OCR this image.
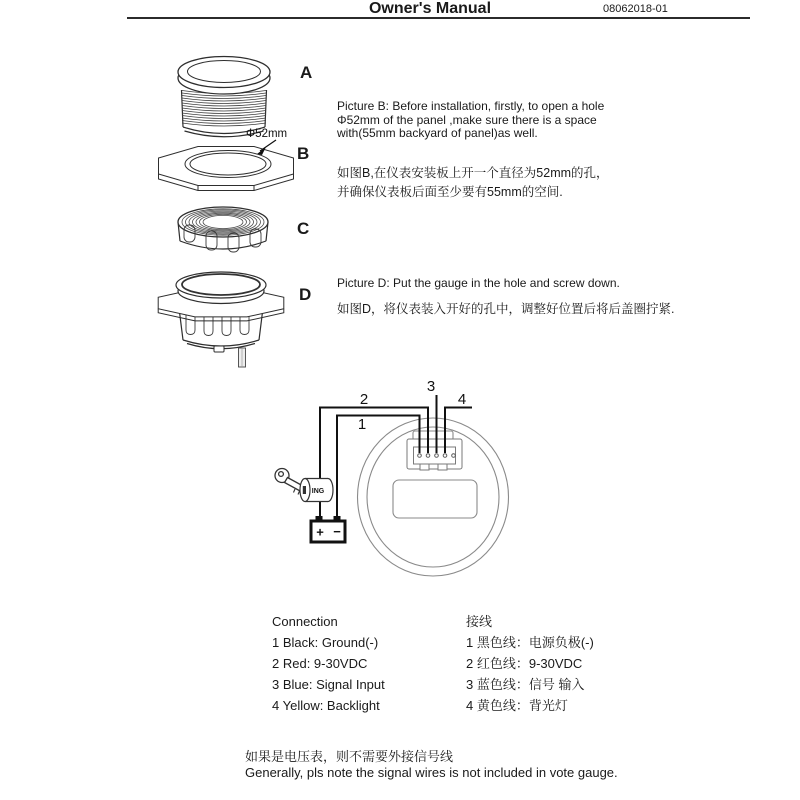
Owner's Manual	08062018-01
Φ52mm
A
B
C
D
Picture B: Before installation, firstly, to open a hole
Φ52mm of the panel ,make sure there is a space
with(55mm backyard of panel)as well.
如图B,在仪表安装板上开一个直径为52mm的孔，
并确保仪表板后面至少要有55mm的空间.
Picture D: Put the gauge in the hole and screw down.
如图D，将仪表装入开好的孔中，调整好位置后将后盖圈拧紧.
1
2
3
4
ING
+ −
Connection
1 Black: Ground(-)
2 Red: 9-30VDC
3 Blue: Signal Input
4 Yellow: Backlight
接线
1 黑色线：电源负极(-)
2 红色线：9-30VDC
3 蓝色线：信号 输入
4 黄色线：背光灯
如果是电压表，则不需要外接信号线
Generally, pls note the signal wires is not included in vote gauge.
